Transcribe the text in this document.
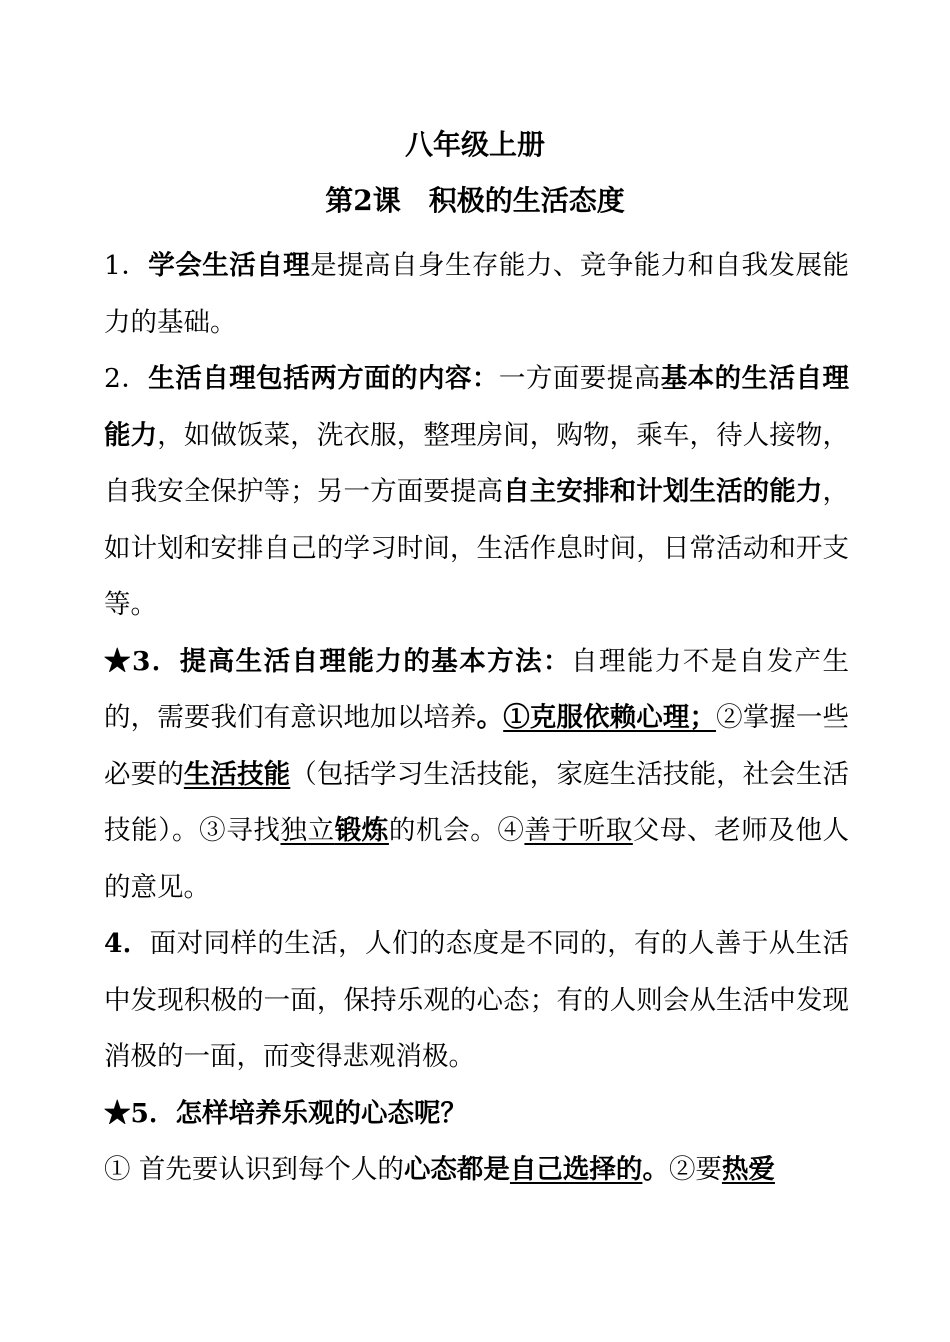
八年级上册
第2课　积极的生活态度

1．学会生活自理是提高自身生存能力、竞争能力和自我发展能力的基础。

2．生活自理包括两方面的内容：一方面要提高基本的生活自理能力，如做饭菜，洗衣服，整理房间，购物，乘车，待人接物，自我安全保护等；另一方面要提高自主安排和计划生活的能力，如计划和安排自己的学习时间，生活作息时间，日常活动和开支等。

★3．提高生活自理能力的基本方法：自理能力不是自发产生的，需要我们有意识地加以培养。①克服依赖心理；②掌握一些必要的生活技能（包括学习生活技能，家庭生活技能，社会生活技能）。③寻找独立锻炼的机会。④善于听取父母、老师及他人的意见。

4．面对同样的生活，人们的态度是不同的，有的人善于从生活中发现积极的一面，保持乐观的心态；有的人则会从生活中发现消极的一面，而变得悲观消极。

★5．怎样培养乐观的心态呢？

① 首先要认识到每个人的心态都是自己选择的。②要热爱
